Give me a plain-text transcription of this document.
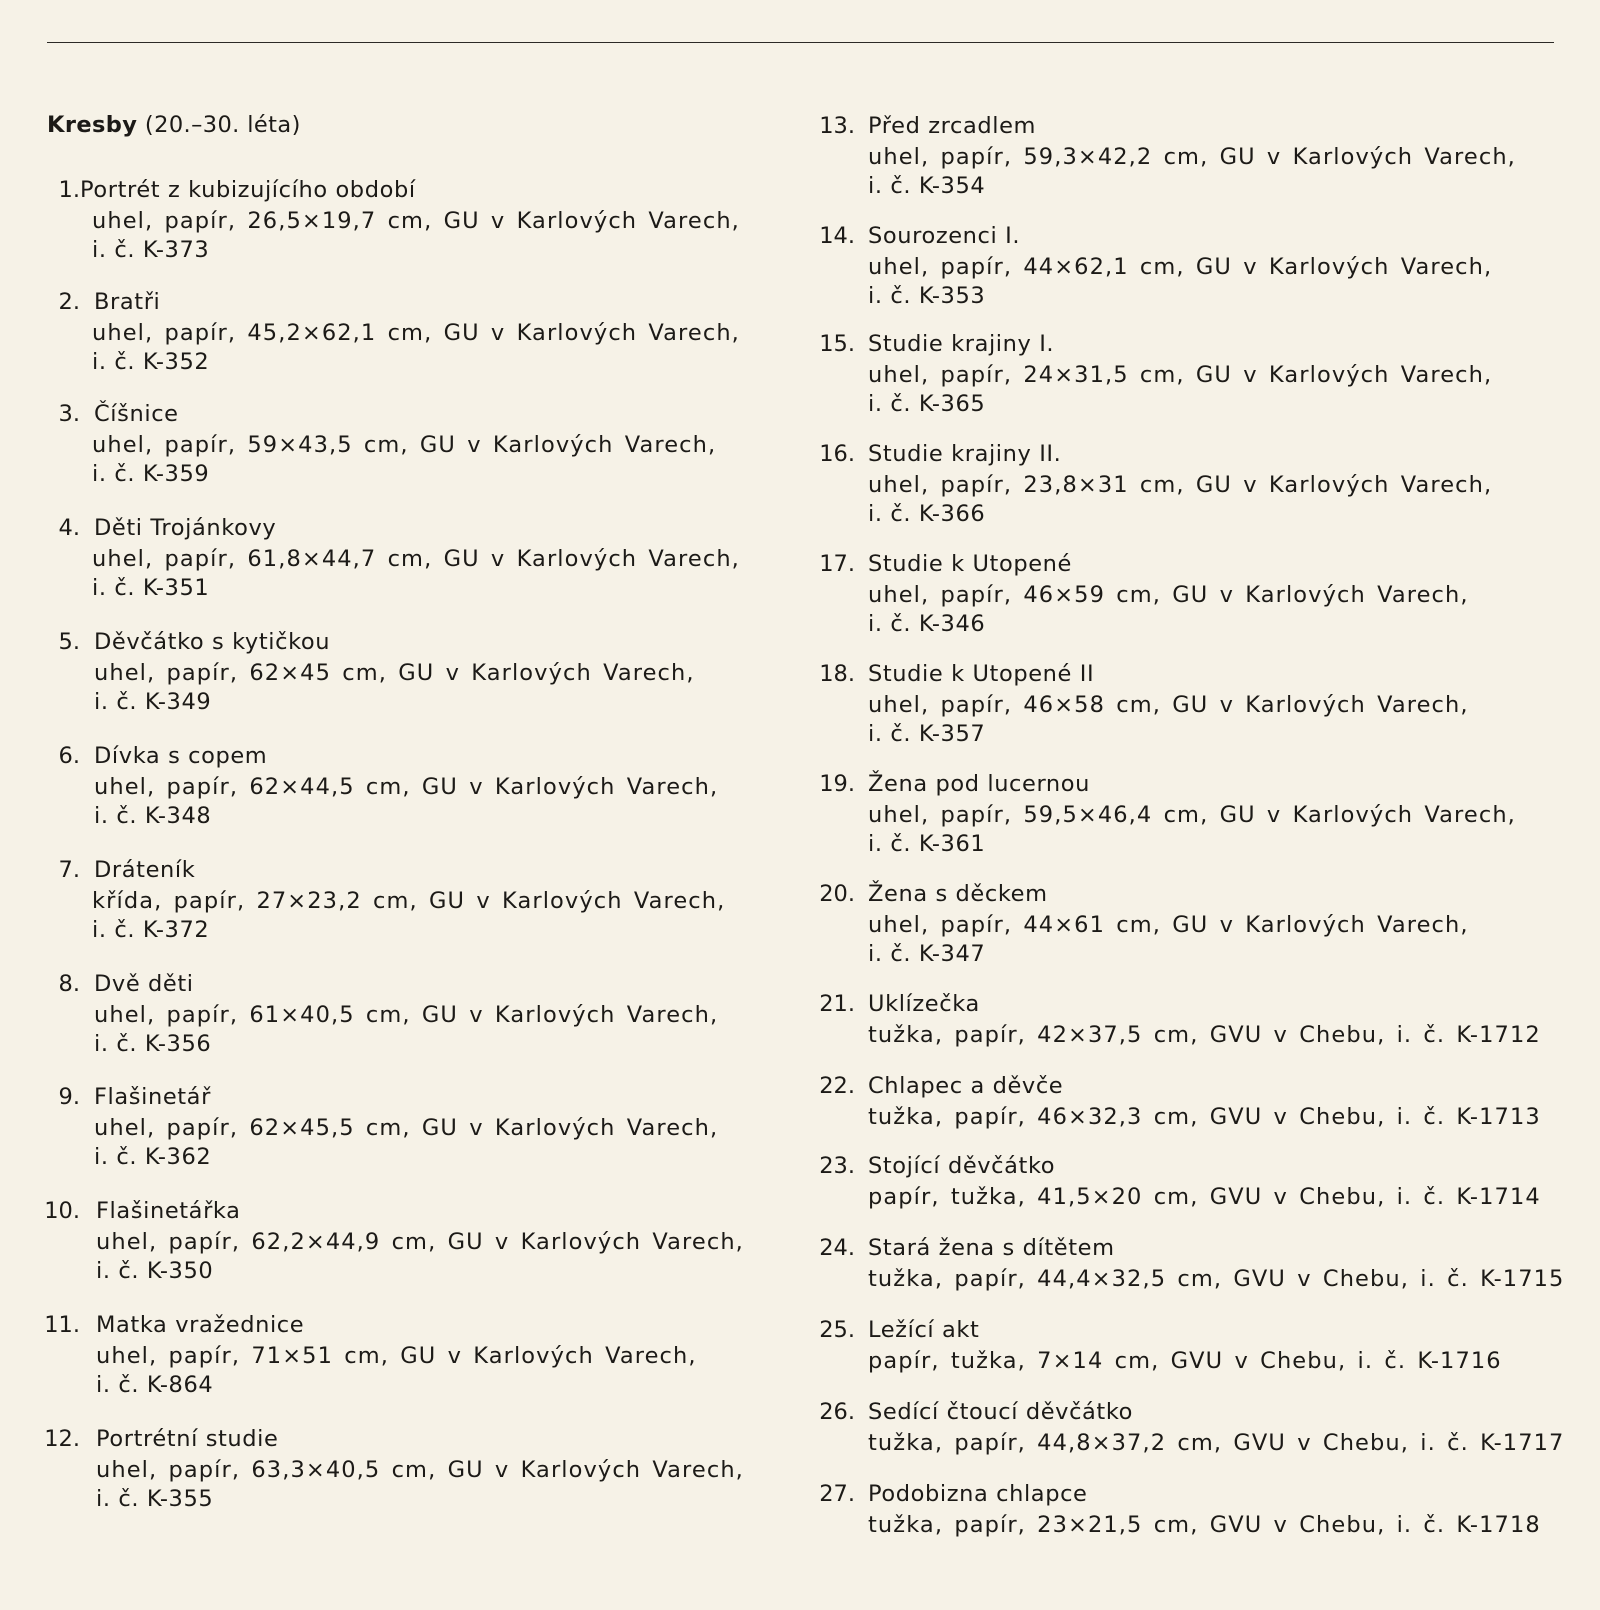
Kresby (20.–30. léta)
1. Portrét z kubizujícího období
uhel, papír, 26,5×19,7 cm, GU v Karlových Varech,
i. č. K-373
2. Bratři
uhel, papír, 45,2×62,1 cm, GU v Karlových Varech,
i. č. K-352
3. Číšnice
uhel, papír, 59×43,5 cm, GU v Karlových Varech,
i. č. K-359
4. Děti Trojánkovy
uhel, papír, 61,8×44,7 cm, GU v Karlových Varech,
i. č. K-351
5. Děvčátko s kytičkou
uhel, papír, 62×45 cm, GU v Karlových Varech,
i. č. K-349
6. Dívka s copem
uhel, papír, 62×44,5 cm, GU v Karlových Varech,
i. č. K-348
7. Dráteník
křída, papír, 27×23,2 cm, GU v Karlových Varech,
i. č. K-372
8. Dvě děti
uhel, papír, 61×40,5 cm, GU v Karlových Varech,
i. č. K-356
9. Flašinetář
uhel, papír, 62×45,5 cm, GU v Karlových Varech,
i. č. K-362
10. Flašinetářka
uhel, papír, 62,2×44,9 cm, GU v Karlových Varech,
i. č. K-350
11. Matka vražednice
uhel, papír, 71×51 cm, GU v Karlových Varech,
i. č. K-864
12. Portrétní studie
uhel, papír, 63,3×40,5 cm, GU v Karlových Varech,
i. č. K-355
13. Před zrcadlem
uhel, papír, 59,3×42,2 cm, GU v Karlových Varech,
i. č. K-354
14. Sourozenci I.
uhel, papír, 44×62,1 cm, GU v Karlových Varech,
i. č. K-353
15. Studie krajiny I.
uhel, papír, 24×31,5 cm, GU v Karlových Varech,
i. č. K-365
16. Studie krajiny II.
uhel, papír, 23,8×31 cm, GU v Karlových Varech,
i. č. K-366
17. Studie k Utopené
uhel, papír, 46×59 cm, GU v Karlových Varech,
i. č. K-346
18. Studie k Utopené II
uhel, papír, 46×58 cm, GU v Karlových Varech,
i. č. K-357
19. Žena pod lucernou
uhel, papír, 59,5×46,4 cm, GU v Karlových Varech,
i. č. K-361
20. Žena s děckem
uhel, papír, 44×61 cm, GU v Karlových Varech,
i. č. K-347
21. Uklízečka
tužka, papír, 42×37,5 cm, GVU v Chebu, i. č. K-1712
22. Chlapec a děvče
tužka, papír, 46×32,3 cm, GVU v Chebu, i. č. K-1713
23. Stojící děvčátko
papír, tužka, 41,5×20 cm, GVU v Chebu, i. č. K-1714
24. Stará žena s dítětem
tužka, papír, 44,4×32,5 cm, GVU v Chebu, i. č. K-1715
25. Ležící akt
papír, tužka, 7×14 cm, GVU v Chebu, i. č. K-1716
26. Sedící čtoucí děvčátko
tužka, papír, 44,8×37,2 cm, GVU v Chebu, i. č. K-1717
27. Podobizna chlapce
tužka, papír, 23×21,5 cm, GVU v Chebu, i. č. K-1718
